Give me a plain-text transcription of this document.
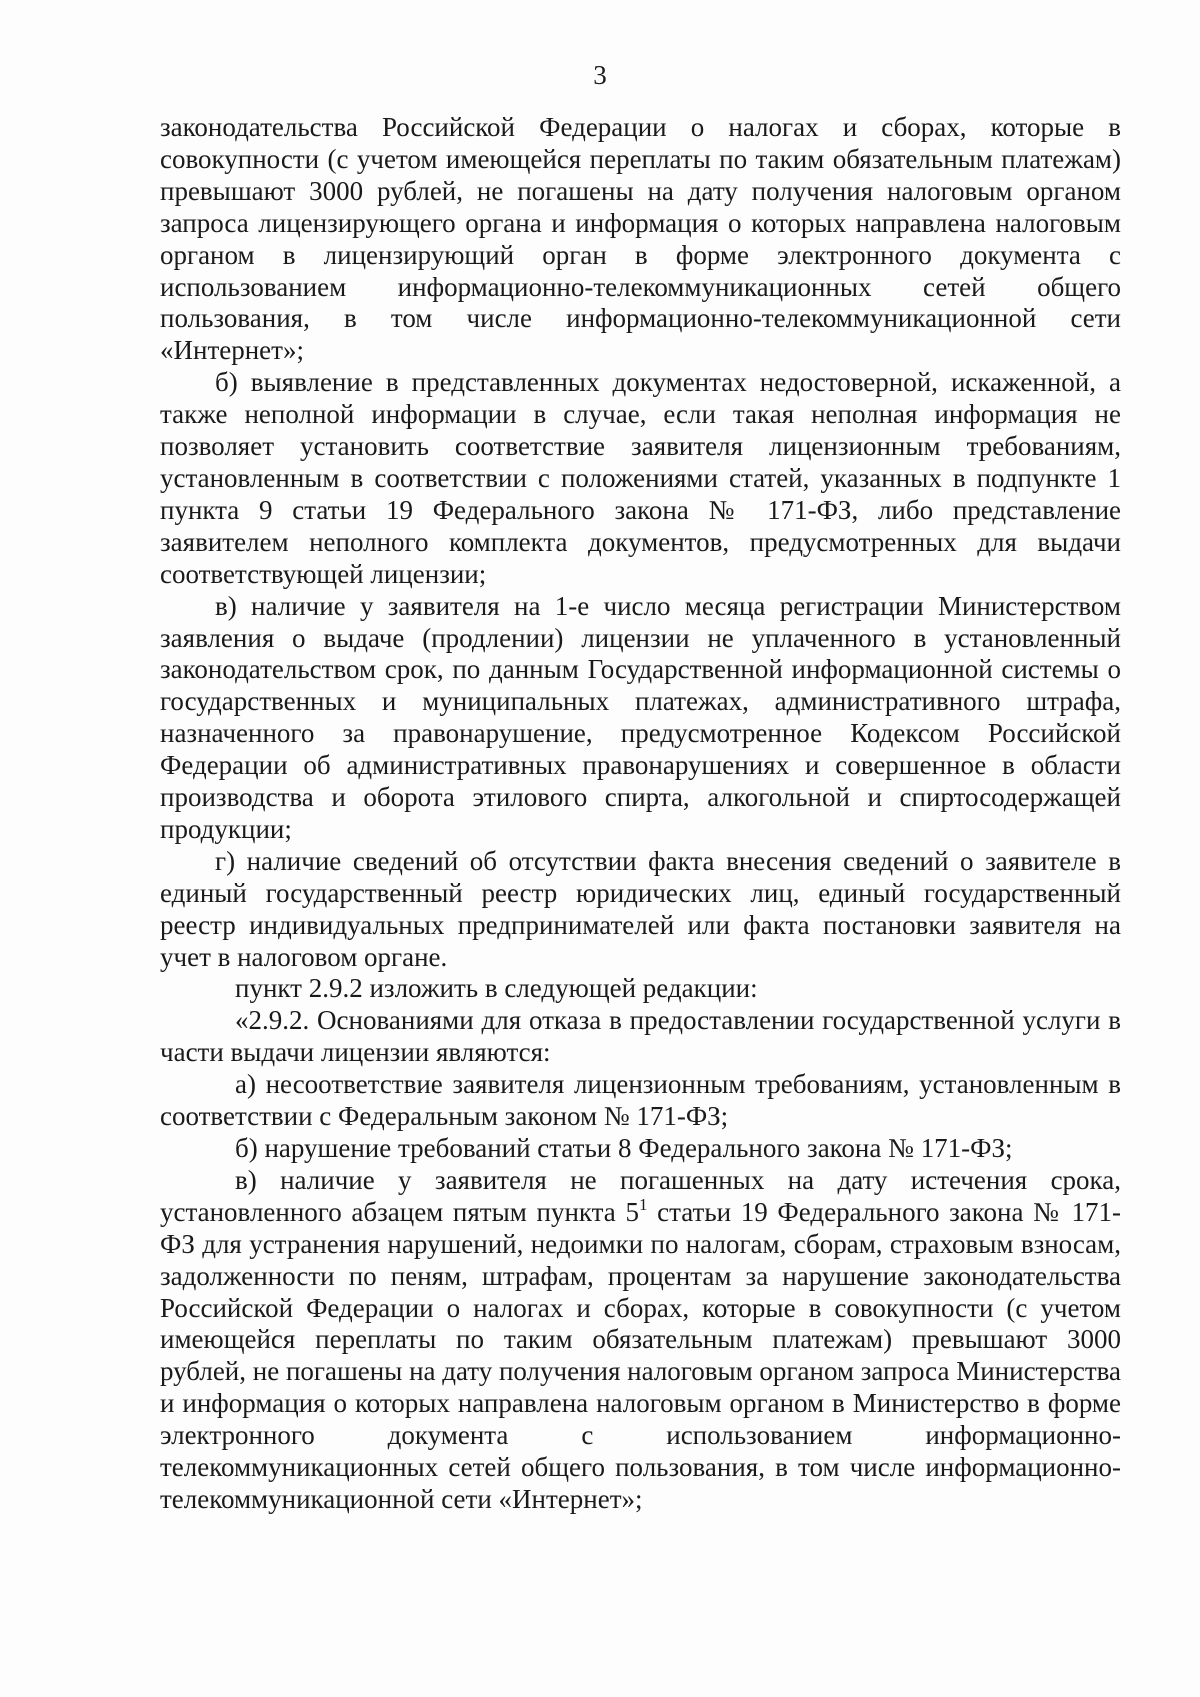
3

законодательства Российской Федерации о налогах и сборах, которые в совокупности (с учетом имеющейся переплаты по таким обязательным платежам) превышают 3000 рублей, не погашены на дату получения налоговым органом запроса лицензирующего органа и информация о которых направлена налоговым органом в лицензирующий орган в форме электронного документа с использованием информационно-телекоммуникационных сетей общего пользования, в том числе информационно-телекоммуникационной сети «Интернет»;

б) выявление в представленных документах недостоверной, искаженной, а также неполной информации в случае, если такая неполная информация не позволяет установить соответствие заявителя лицензионным требованиям, установленным в соответствии с положениями статей, указанных в подпункте 1 пункта 9 статьи 19 Федерального закона № 171-ФЗ, либо представление заявителем неполного комплекта документов, предусмотренных для выдачи соответствующей лицензии;

в) наличие у заявителя на 1-е число месяца регистрации Министерством заявления о выдаче (продлении) лицензии не уплаченного в установленный законодательством срок, по данным Государственной информационной системы о государственных и муниципальных платежах, административного штрафа, назначенного за правонарушение, предусмотренное Кодексом Российской Федерации об административных правонарушениях и совершенное в области производства и оборота этилового спирта, алкогольной и спиртосодержащей продукции;

г) наличие сведений об отсутствии факта внесения сведений о заявителе в единый государственный реестр юридических лиц, единый государственный реестр индивидуальных предпринимателей или факта постановки заявителя на учет в налоговом органе.

пункт 2.9.2 изложить в следующей редакции:

«2.9.2. Основаниями для отказа в предоставлении государственной услуги в части выдачи лицензии являются:

а) несоответствие заявителя лицензионным требованиям, установленным в соответствии с Федеральным законом № 171-ФЗ;

б) нарушение требований статьи 8 Федерального закона № 171-ФЗ;

в) наличие у заявителя не погашенных на дату истечения срока, установленного абзацем пятым пункта $5^1$ статьи 19 Федерального закона № 171-ФЗ для устранения нарушений, недоимки по налогам, сборам, страховым взносам, задолженности по пеням, штрафам, процентам за нарушение законодательства Российской Федерации о налогах и сборах, которые в совокупности (с учетом имеющейся переплаты по таким обязательным платежам) превышают 3000 рублей, не погашены на дату получения налоговым органом запроса Министерства и информация о которых направлена налоговым органом в Министерство в форме электронного документа с использованием информационно-телекоммуникационных сетей общего пользования, в том числе информационно-телекоммуникационной сети «Интернет»;
